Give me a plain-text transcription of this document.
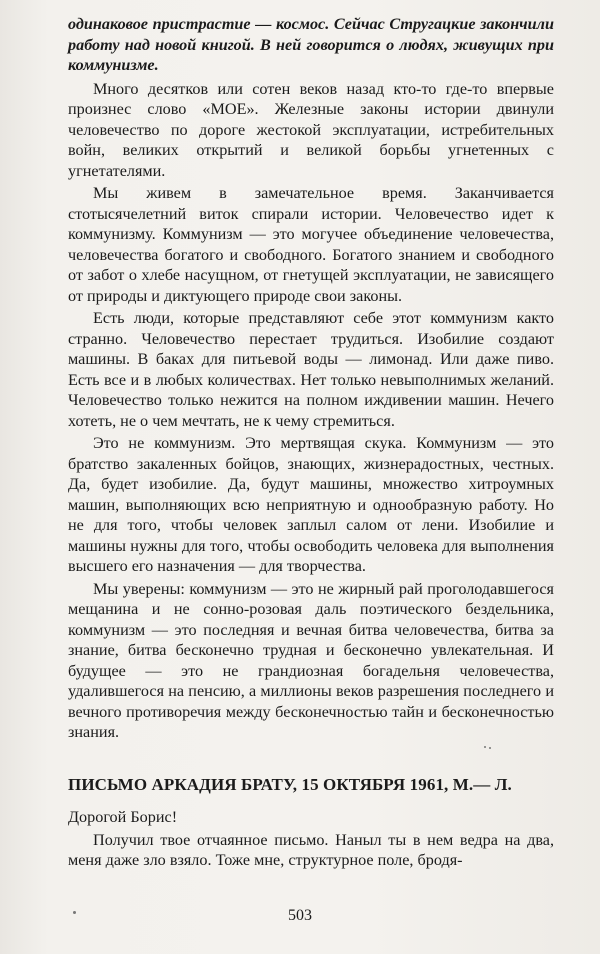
одинаковое пристрастие — космос. Сейчас Стругацкие закончили работу над новой книгой. В ней говорится о людях, живущих при коммунизме.

Много десятков или сотен веков назад кто-то где-то впервые произнес слово «МОЕ». Железные законы истории двинули человечество по дороге жестокой эксплуатации, истребительных войн, великих открытий и великой борьбы угнетенных с угнетателями.

Мы живем в замечательное время. Заканчивается стотысячелетний виток спирали истории. Человечество идет к коммунизму. Коммунизм — это могучее объединение человечества, человечества богатого и свободного. Богатого знанием и свободного от забот о хлебе насущном, от гнетущей эксплуатации, не зависящего от природы и диктующего природе свои законы.

Есть люди, которые представляют себе этот коммунизм както странно. Человечество перестает трудиться. Изобилие создают машины. В баках для питьевой воды — лимонад. Или даже пиво. Есть все и в любых количествах. Нет только невыполнимых желаний. Человечество только нежится на полном иждивении машин. Нечего хотеть, не о чем мечтать, не к чему стремиться.

Это не коммунизм. Это мертвящая скука. Коммунизм — это братство закаленных бойцов, знающих, жизнерадостных, честных. Да, будет изобилие. Да, будут машины, множество хитроумных машин, выполняющих всю неприятную и однообразную работу. Но не для того, чтобы человек заплыл салом от лени. Изобилие и машины нужны для того, чтобы освободить человека для выполнения высшего его назначения — для творчества.

Мы уверены: коммунизм — это не жирный рай проголодавшегося мещанина и не сонно-розовая даль поэтического бездельника, коммунизм — это последняя и вечная битва человечества, битва за знание, битва бесконечно трудная и бесконечно увлекательная. И будущее — это не грандиозная богадельня человечества, удалившегося на пенсию, а миллионы веков разрешения последнего и вечного противоречия между бесконечностью тайн и бесконечностью знания.

ПИСЬМО АРКАДИЯ БРАТУ, 15 ОКТЯБРЯ 1961, М.— Л.

Дорогой Борис!

Получил твое отчаянное письмо. Наныл ты в нем ведра на два, меня даже зло взяло. Тоже мне, структурное поле, бродя-

503
